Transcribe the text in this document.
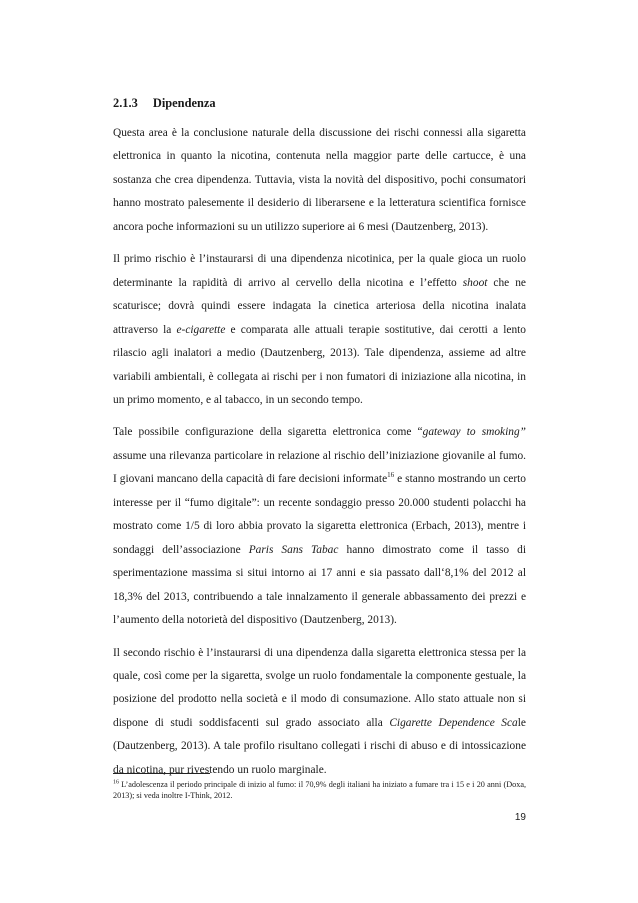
2.1.3 Dipendenza

Questa area è la conclusione naturale della discussione dei rischi connessi alla sigaretta elettronica in quanto la nicotina, contenuta nella maggior parte delle cartucce, è una sostanza che crea dipendenza. Tuttavia, vista la novità del dispositivo, pochi consumatori hanno mostrato palesemente il desiderio di liberarsene e la letteratura scientifica fornisce ancora poche informazioni su un utilizzo superiore ai 6 mesi (Dautzenberg, 2013).

Il primo rischio è l’instaurarsi di una dipendenza nicotinica, per la quale gioca un ruolo determinante la rapidità di arrivo al cervello della nicotina e l’effetto shoot che ne scaturisce; dovrà quindi essere indagata la cinetica arteriosa della nicotina inalata attraverso la e-cigarette e comparata alle attuali terapie sostitutive, dai cerotti a lento rilascio agli inalatori a medio (Dautzenberg, 2013). Tale dipendenza, assieme ad altre variabili ambientali, è collegata ai rischi per i non fumatori di iniziazione alla nicotina, in un primo momento, e al tabacco, in un secondo tempo.

Tale possibile configurazione della sigaretta elettronica come “gateway to smoking” assume una rilevanza particolare in relazione al rischio dell’iniziazione giovanile al fumo. I giovani mancano della capacità di fare decisioni informate$^{16}$ e stanno mostrando un certo interesse per il “fumo digitale”: un recente sondaggio presso 20.000 studenti polacchi ha mostrato come 1/5 di loro abbia provato la sigaretta elettronica (Erbach, 2013), mentre i sondaggi dell’associazione Paris Sans Tabac hanno dimostrato come il tasso di sperimentazione massima si situi intorno ai 17 anni e sia passato dall‘8,1% del 2012 al 18,3% del 2013, contribuendo a tale innalzamento il generale abbassamento dei prezzi e l’aumento della notorietà del dispositivo (Dautzenberg, 2013).

Il secondo rischio è l’instaurarsi di una dipendenza dalla sigaretta elettronica stessa per la quale, così come per la sigaretta, svolge un ruolo fondamentale la componente gestuale, la posizione del prodotto nella società e il modo di consumazione. Allo stato attuale non si dispone di studi soddisfacenti sul grado associato alla Cigarette Dependence Scale (Dautzenberg, 2013). A tale profilo risultano collegati i rischi di abuso e di intossicazione da nicotina, pur rivestendo un ruolo marginale.

$^{16}$ L’adolescenza il periodo principale di inizio al fumo: il 70,9% degli italiani ha iniziato a fumare tra i 15 e i 20 anni (Doxa, 2013); si veda inoltre I-Think, 2012.
19
